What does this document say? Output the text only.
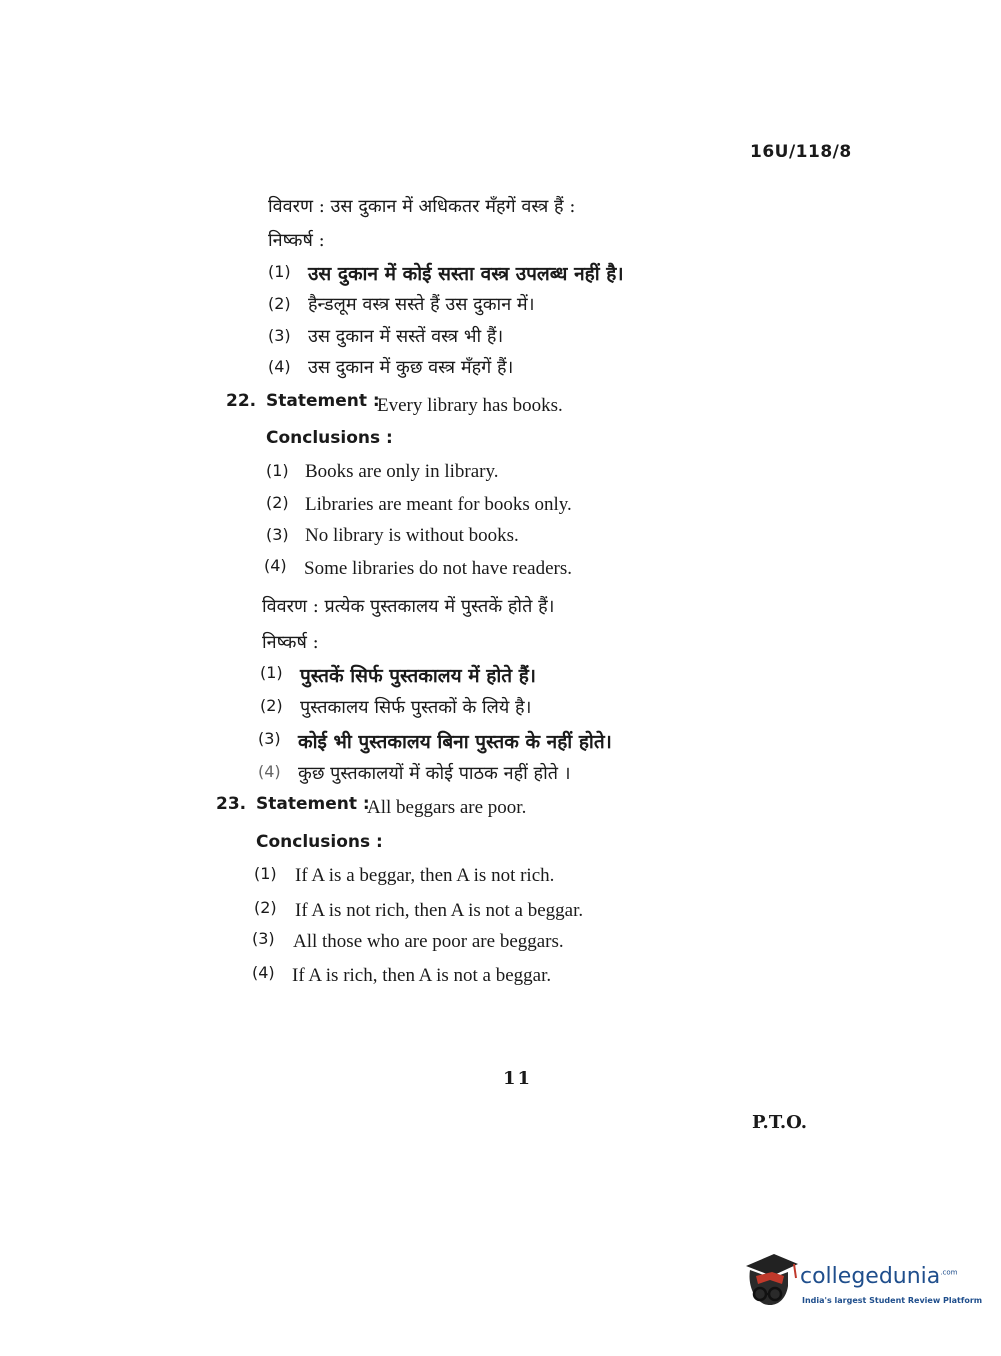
16U/118/8
विवरण : उस दुकान में अधिकतर मँहगें वस्त्र हैं :
निष्कर्ष :
(1) उस दुकान में कोई सस्ता वस्त्र उपलब्ध नहीं है।
(2) हैन्डलूम वस्त्र सस्ते हैं उस दुकान में।
(3) उस दुकान में सस्तें वस्त्र भी हैं।
(4) उस दुकान में कुछ वस्त्र मँहगें हैं।
22. Statement :
Every library has books.
Conclusions :
(1) Books are only in library.
(2) Libraries are meant for books only.
(3) No library is without books.
(4) Some libraries do not have readers.
विवरण : प्रत्येक पुस्तकालय में पुस्तकें होते हैं।
निष्कर्ष :
(1) पुस्तकें सिर्फ पुस्तकालय में होते हैं।
(2) पुस्तकालय सिर्फ पुस्तकों के लिये है।
(3) कोई भी पुस्तकालय बिना पुस्तक के नहीं होते।
(4) कुछ पुस्तकालयों में कोई पाठक नहीं होते ।
23. Statement :
All beggars are poor.
Conclusions :
(1) If A is a beggar, then A is not rich.
(2) If A is not rich, then A is not a beggar.
(3) All those who are poor are beggars.
(4) If A is rich, then A is not a beggar.
11
P.T.O.
collegedunia$^{.com}$
India's largest Student Review Platform
